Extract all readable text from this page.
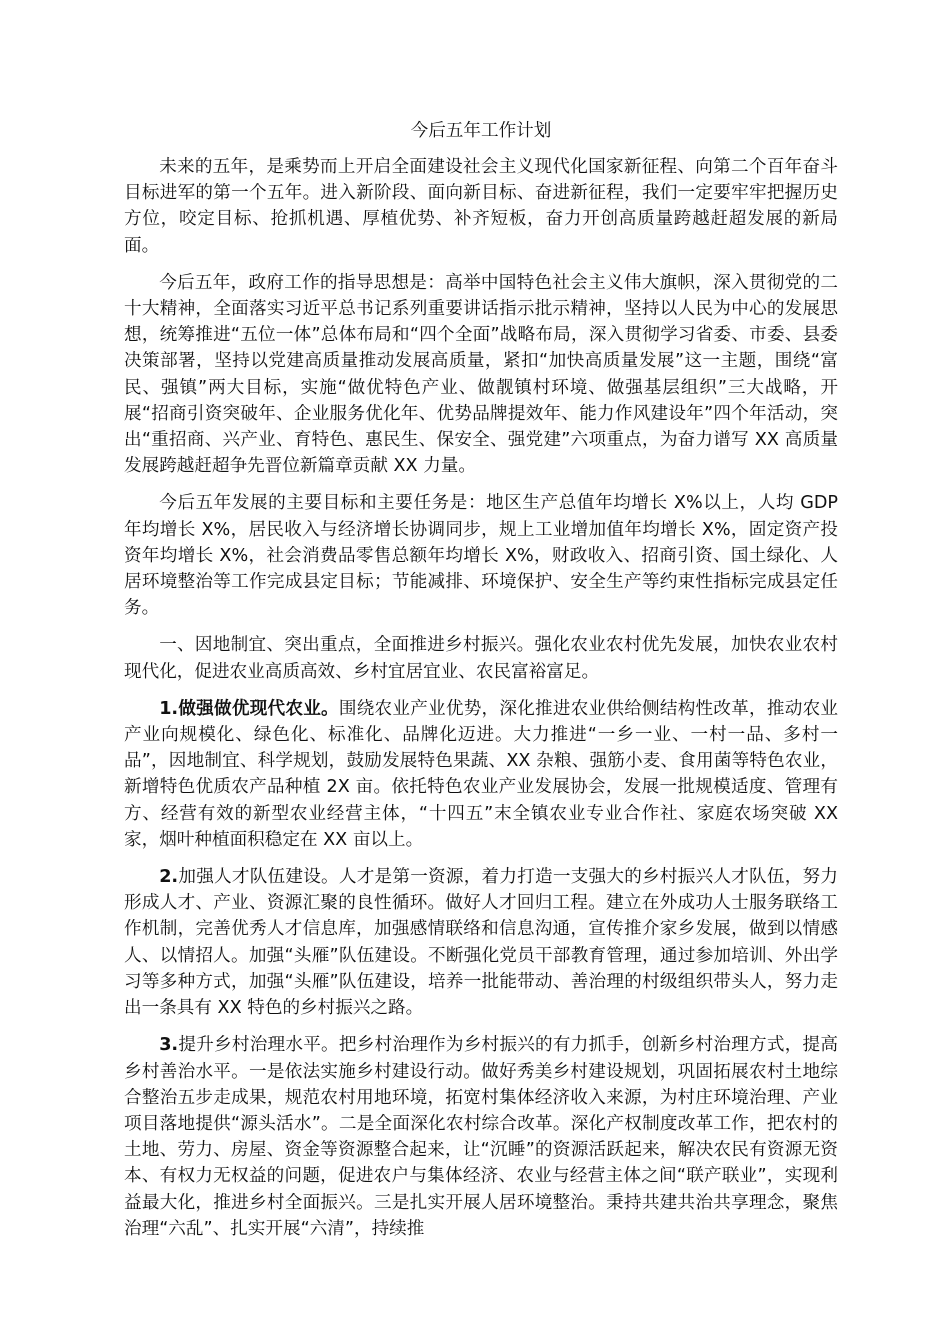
今后五年工作计划

未来的五年，是乘势而上开启全面建设社会主义现代化国家新征程、向第二个百年奋斗目标进军的第一个五年。进入新阶段、面向新目标、奋进新征程，我们一定要牢牢把握历史方位，咬定目标、抢抓机遇、厚植优势、补齐短板，奋力开创高质量跨越赶超发展的新局面。

今后五年，政府工作的指导思想是：高举中国特色社会主义伟大旗帜，深入贯彻党的二十大精神，全面落实习近平总书记系列重要讲话指示批示精神，坚持以人民为中心的发展思想，统筹推进“五位一体”总体布局和“四个全面”战略布局，深入贯彻学习省委、市委、县委决策部署，坚持以党建高质量推动发展高质量，紧扣“加快高质量发展”这一主题，围绕“富民、强镇”两大目标，实施“做优特色产业、做靓镇村环境、做强基层组织”三大战略，开展“招商引资突破年、企业服务优化年、优势品牌提效年、能力作风建设年”四个年活动，突出“重招商、兴产业、育特色、惠民生、保安全、强党建”六项重点，为奋力谱写 XX 高质量发展跨越赶超争先晋位新篇章贡献 XX 力量。

今后五年发展的主要目标和主要任务是：地区生产总值年均增长 X%以上，人均 GDP 年均增长 X%，居民收入与经济增长协调同步，规上工业增加值年均增长 X%，固定资产投资年均增长 X%，社会消费品零售总额年均增长 X%，财政收入、招商引资、国土绿化、人居环境整治等工作完成县定目标；节能减排、环境保护、安全生产等约束性指标完成县定任务。

一、因地制宜、突出重点，全面推进乡村振兴。强化农业农村优先发展，加快农业农村现代化，促进农业高质高效、乡村宜居宜业、农民富裕富足。

1.做强做优现代农业。围绕农业产业优势，深化推进农业供给侧结构性改革，推动农业产业向规模化、绿色化、标准化、品牌化迈进。大力推进“一乡一业、一村一品、多村一品”，因地制宜、科学规划，鼓励发展特色果蔬、XX 杂粮、强筋小麦、食用菌等特色农业，新增特色优质农产品种植 2X 亩。依托特色农业产业发展协会，发展一批规模适度、管理有方、经营有效的新型农业经营主体，“十四五”末全镇农业专业合作社、家庭农场突破 XX 家，烟叶种植面积稳定在 XX 亩以上。

2.加强人才队伍建设。人才是第一资源，着力打造一支强大的乡村振兴人才队伍，努力形成人才、产业、资源汇聚的良性循环。做好人才回归工程。建立在外成功人士服务联络工作机制，完善优秀人才信息库，加强感情联络和信息沟通，宣传推介家乡发展，做到以情感人、以情招人。加强“头雁”队伍建设。不断强化党员干部教育管理，通过参加培训、外出学习等多种方式，加强“头雁”队伍建设，培养一批能带动、善治理的村级组织带头人，努力走出一条具有 XX 特色的乡村振兴之路。

3.提升乡村治理水平。把乡村治理作为乡村振兴的有力抓手，创新乡村治理方式，提高乡村善治水平。一是依法实施乡村建设行动。做好秀美乡村建设规划，巩固拓展农村土地综合整治五步走成果，规范农村用地环境，拓宽村集体经济收入来源，为村庄环境治理、产业项目落地提供“源头活水”。二是全面深化农村综合改革。深化产权制度改革工作，把农村的土地、劳力、房屋、资金等资源整合起来，让“沉睡”的资源活跃起来，解决农民有资源无资本、有权力无权益的问题，促进农户与集体经济、农业与经营主体之间“联产联业”，实现利益最大化，推进乡村全面振兴。三是扎实开展人居环境整治。秉持共建共治共享理念，聚焦治理“六乱”、扎实开展“六清”，持续推
